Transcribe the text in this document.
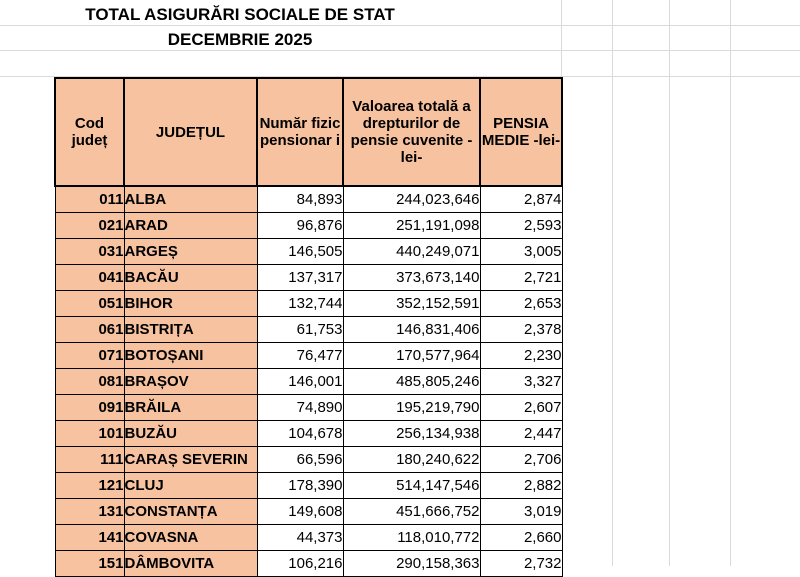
TOTAL ASIGURĂRI SOCIALE DE STAT
DECEMBRIE 2025
Cod județ	JUDEȚUL	Număr fizic pensionar i	Valoarea totală a drepturilor de pensie cuvenite -lei-	PENSIA MEDIE -lei-
011	ALBA	84,893	244,023,646	2,874
021	ARAD	96,876	251,191,098	2,593
031	ARGEȘ	146,505	440,249,071	3,005
041	BACĂU	137,317	373,673,140	2,721
051	BIHOR	132,744	352,152,591	2,653
061	BISTRIȚA	61,753	146,831,406	2,378
071	BOTOȘANI	76,477	170,577,964	2,230
081	BRAȘOV	146,001	485,805,246	3,327
091	BRĂILA	74,890	195,219,790	2,607
101	BUZĂU	104,678	256,134,938	2,447
111	CARAȘ SEVERIN	66,596	180,240,622	2,706
121	CLUJ	178,390	514,147,546	2,882
131	CONSTANȚA	149,608	451,666,752	3,019
141	COVASNA	44,373	118,010,772	2,660
151	DÂMBOVITA	106,216	290,158,363	2,732
